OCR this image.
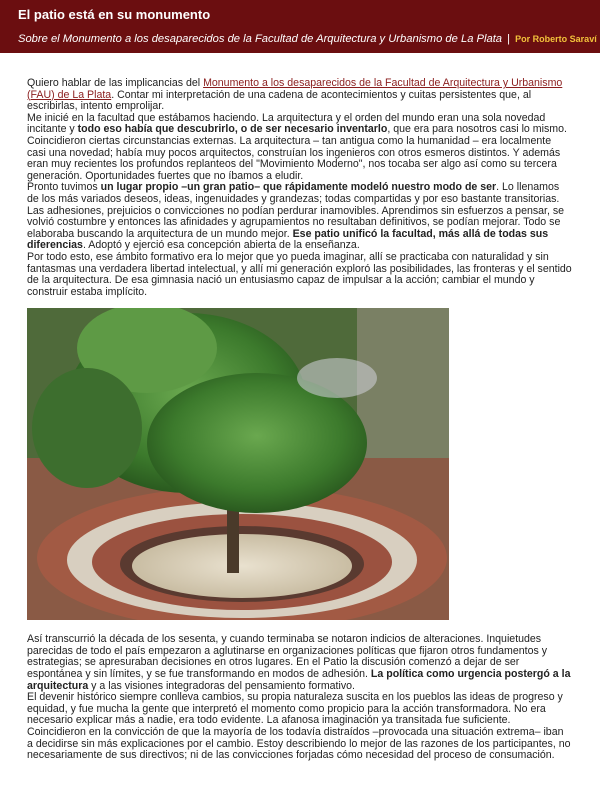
El patio está en su monumento
Sobre el Monumento a los desaparecidos de la Facultad de Arquitectura y Urbanismo de La Plata | Por Roberto Saraví

Quiero hablar de las implicancias del Monumento a los desaparecidos de la Facultad de Arquitectura y Urbanismo (FAU) de La Plata. Contar mi interpretación de una cadena de acontecimientos y cuitas persistentes que, al escribirlas, intento emprolijar.

Me inicié en la facultad que estábamos haciendo. La arquitectura y el orden del mundo eran una sola novedad incitante y todo eso había que descubrirlo, o de ser necesario inventarlo, que era para nosotros casi lo mismo.

Coincidieron ciertas circunstancias externas. La arquitectura – tan antigua como la humanidad – era localmente casi una novedad; había muy pocos arquitectos, construían los ingenieros con otros esmeros distintos. Y además eran muy recientes los profundos replanteos del "Movimiento Moderno", nos tocaba ser algo así como su tercera generación. Oportunidades fuertes que no íbamos a eludir.

Pronto tuvimos un lugar propio –un gran patio– que rápidamente modeló nuestro modo de ser. Lo llenamos de los más variados deseos, ideas, ingenuidades y grandezas; todas compartidas y por eso bastante transitorias. Las adhesiones, prejuicios o convicciones no podían perdurar inamovibles. Aprendimos sin esfuerzos a pensar, se volvió costumbre y entonces las afinidades y agrupamientos no resultaban definitivos, se podían mejorar. Todo se elaboraba buscando la arquitectura de un mundo mejor. Ese patio unificó la facultad, más allá de todas sus diferencias. Adoptó y ejerció esa concepción abierta de la enseñanza.

Por todo esto, ese ámbito formativo era lo mejor que yo pueda imaginar, allí se practicaba con naturalidad y sin fantasmas una verdadera libertad intelectual, y allí mi generación exploró las posibilidades, las fronteras y el sentido de la arquitectura. De esa gimnasia nació un entusiasmo capaz de impulsar a la acción; cambiar el mundo y construir estaba implícito.

Así transcurrió la década de los sesenta, y cuando terminaba se notaron indicios de alteraciones. Inquietudes parecidas de todo el país empezaron a aglutinarse en organizaciones políticas que fijaron otros fundamentos y estrategias; se apresuraban decisiones en otros lugares. En el Patio la discusión comenzó a dejar de ser espontánea y sin límites, y se fue transformando en modos de adhesión. La política como urgencia postergó a la arquitectura y a las visiones integradoras del pensamiento formativo.

El devenir histórico siempre conlleva cambios, su propia naturaleza suscita en los pueblos las ideas de progreso y equidad, y fue mucha la gente que interpretó el momento como propicio para la acción transformadora. No era necesario explicar más a nadie, era todo evidente. La afanosa imaginación ya transitada fue suficiente. Coincidieron en la convicción de que la mayoría de los todavía distraídos –provocada una situación extrema– iban a decidirse sin más explicaciones por el cambio. Estoy describiendo lo mejor de las razones de los participantes, no necesariamente de sus directivos; ni de las convicciones forjadas cómo necesidad del proceso de consumación.
